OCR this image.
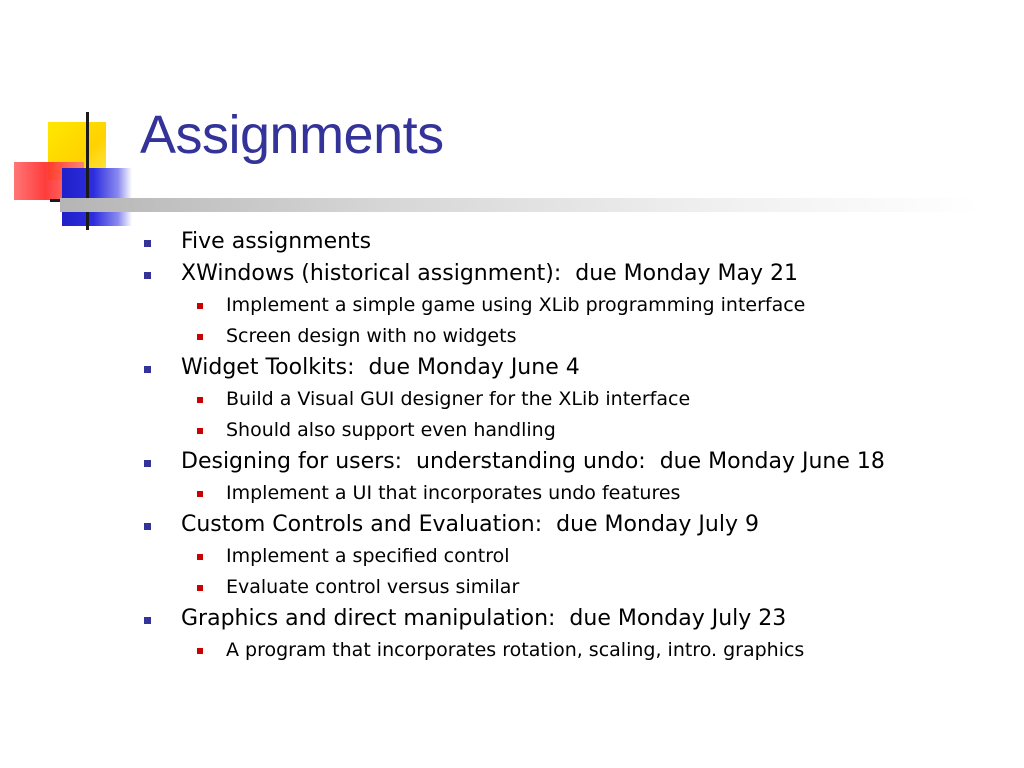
Assignments
Five assignments
XWindows (historical assignment):  due Monday May 21
Implement a simple game using XLib programming interface
Screen design with no widgets
Widget Toolkits:  due Monday June 4
Build a Visual GUI designer for the XLib interface
Should also support even handling
Designing for users:  understanding undo:  due Monday June 18
Implement a UI that incorporates undo features
Custom Controls and Evaluation:  due Monday July 9
Implement a specified control
Evaluate control versus similar
Graphics and direct manipulation:  due Monday July 23
A program that incorporates rotation, scaling, intro. graphics
